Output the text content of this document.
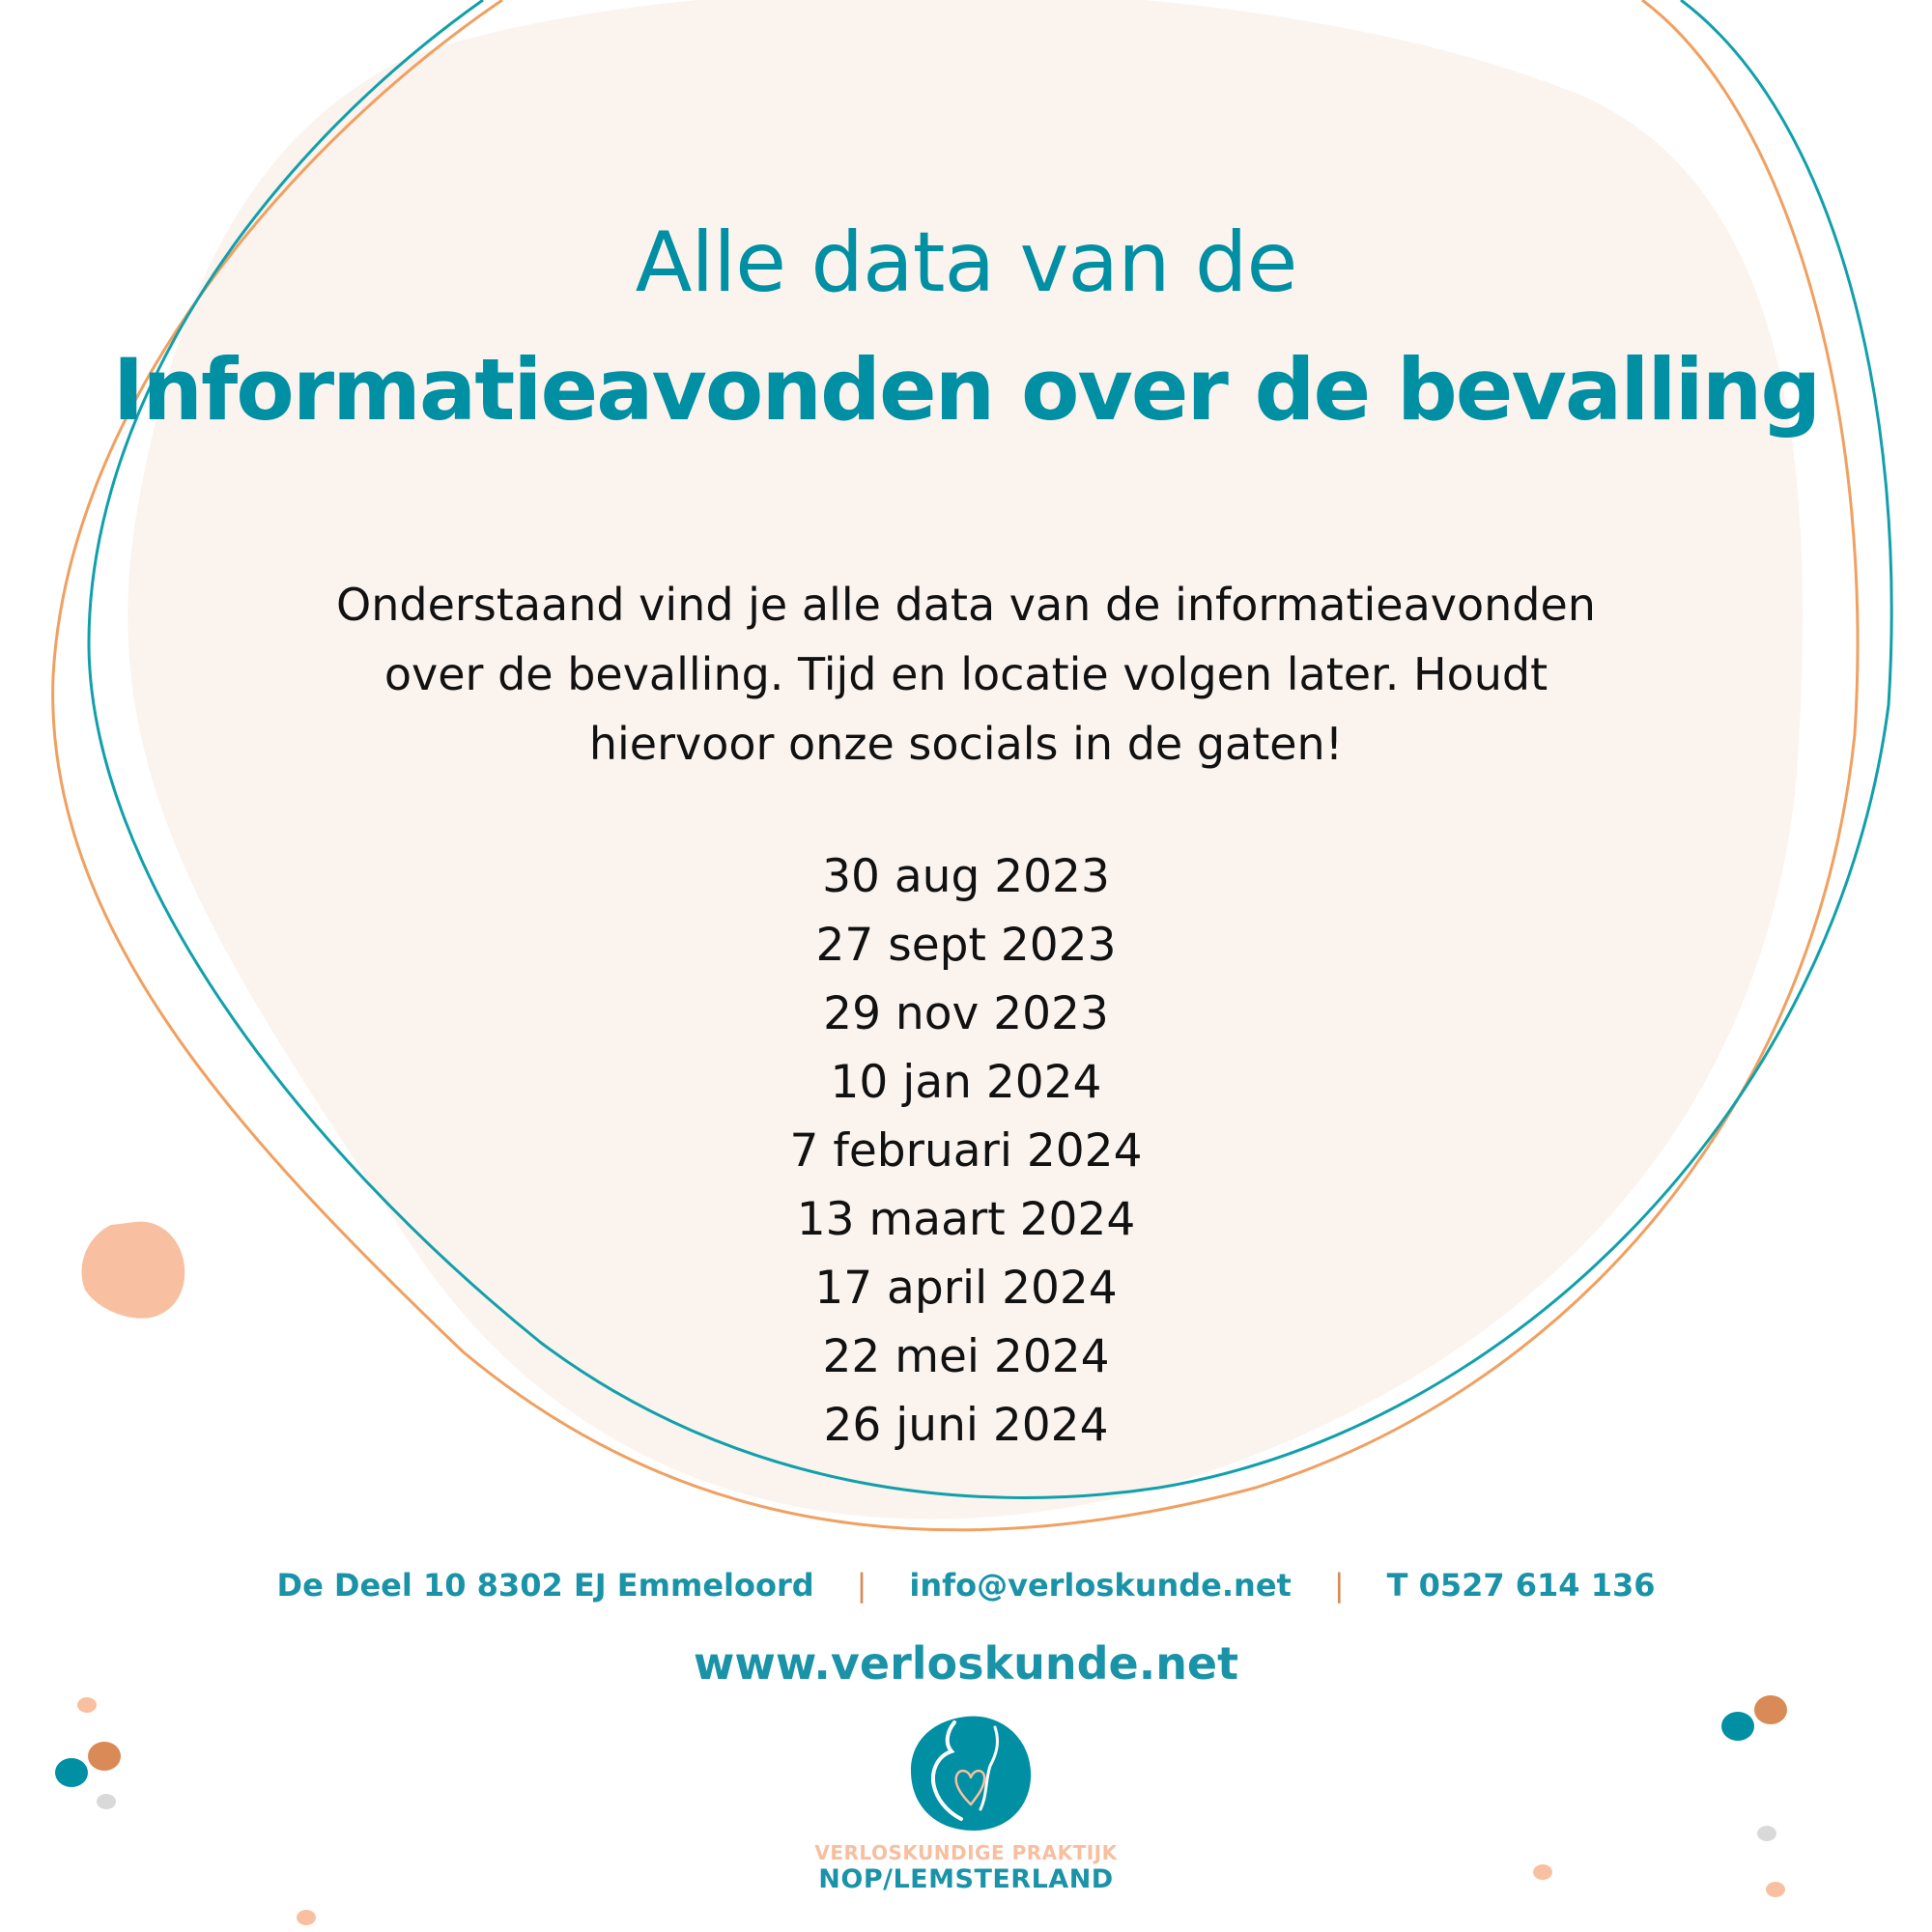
Alle data van de
Informatieavonden over de bevalling
Onderstaand vind je alle data van de informatieavonden over de bevalling. Tijd en locatie volgen later. Houdt hiervoor onze socials in de gaten!
30 aug 2023
27 sept 2023
29 nov 2023
10 jan 2024
7 februari 2024
13 maart 2024
17 april 2024
22 mei 2024
26 juni 2024
De Deel 10 8302 EJ Emmeloord | info@verloskunde.net | T 0527 614 136
www.verloskunde.net
VERLOSKUNDIGE PRAKTIJK
NOP/LEMSTERLAND
